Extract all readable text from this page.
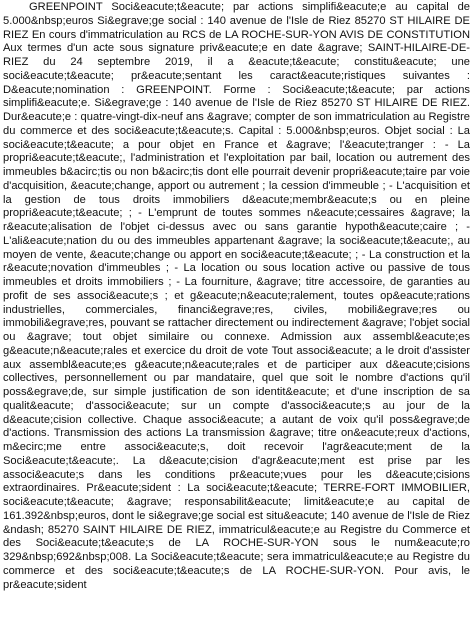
GREENPOINT Soci&eacute;t&eacute; par actions simplifi&eacute;e au capital de 5.000&nbsp;euros Si&egrave;ge social : 140 avenue de l'Isle de Riez 85270 ST HILAIRE DE RIEZ En cours d'immatriculation au RCS de LA ROCHE-SUR-YON AVIS DE CONSTITUTION Aux termes d'un acte sous signature priv&eacute;e en date &agrave; SAINT-HILAIRE-DE-RIEZ du 24 septembre 2019, il a &eacute;t&eacute; constitu&eacute; une soci&eacute;t&eacute; pr&eacute;sentant les caract&eacute;ristiques suivantes : D&eacute;nomination : GREENPOINT. Forme : Soci&eacute;t&eacute; par actions simplifi&eacute;e. Si&egrave;ge : 140 avenue de l'Isle de Riez 85270 ST HILAIRE DE RIEZ. Dur&eacute;e : quatre-vingt-dix-neuf ans &agrave; compter de son immatriculation au Registre du commerce et des soci&eacute;t&eacute;s. Capital : 5.000&nbsp;euros. Objet social : La soci&eacute;t&eacute; a pour objet en France et &agrave; l'&eacute;tranger : - La propri&eacute;t&eacute;, l'administration et l'exploitation par bail, location ou autrement des immeubles b&acirc;tis ou non b&acirc;tis dont elle pourrait devenir propri&eacute;taire par voie d'acquisition, &eacute;change, apport ou autrement ; la cession d'immeuble ; - L'acquisition et la gestion de tous droits immobiliers d&eacute;membr&eacute;s ou en pleine propri&eacute;t&eacute; ; - L'emprunt de toutes sommes n&eacute;cessaires &agrave; la r&eacute;alisation de l'objet ci-dessus avec ou sans garantie hypoth&eacute;caire ; - L'ali&eacute;nation du ou des immeubles appartenant &agrave; la soci&eacute;t&eacute;, au moyen de vente, &eacute;change ou apport en soci&eacute;t&eacute; ; - La construction et la r&eacute;novation d'immeubles ; - La location ou sous location active ou passive de tous immeubles et droits immobiliers ; - La fourniture, &agrave; titre accessoire, de garanties au profit de ses associ&eacute;s ; et g&eacute;n&eacute;ralement, toutes op&eacute;rations industrielles, commerciales, financi&egrave;res, civiles, mobili&egrave;res ou immobili&egrave;res, pouvant se rattacher directement ou indirectement &agrave; l'objet social ou &agrave; tout objet similaire ou connexe. Admission aux assembl&eacute;es g&eacute;n&eacute;rales et exercice du droit de vote Tout associ&eacute; a le droit d'assister aux assembl&eacute;es g&eacute;n&eacute;rales et de participer aux d&eacute;cisions collectives, personnellement ou par mandataire, quel que soit le nombre d'actions qu'il poss&egrave;de, sur simple justification de son identit&eacute; et d'une inscription de sa qualit&eacute; d'associ&eacute; sur un compte d'associ&eacute;s au jour de la d&eacute;cision collective. Chaque associ&eacute; a autant de voix qu'il poss&egrave;de d'actions. Transmission des actions La transmission &agrave; titre on&eacute;reux d'actions, m&ecirc;me entre associ&eacute;s, doit recevoir l'agr&eacute;ment de la Soci&eacute;t&eacute;. La d&eacute;cision d'agr&eacute;ment est prise par les associ&eacute;s dans les conditions pr&eacute;vues pour les d&eacute;cisions extraordinaires. Pr&eacute;sident : La soci&eacute;t&eacute; TERRE-FORT IMMOBILIER, soci&eacute;t&eacute; &agrave; responsabilit&eacute; limit&eacute;e au capital de 161.392&nbsp;euros, dont le si&egrave;ge social est situ&eacute; 140 avenue de l'Isle de Riez &ndash; 85270 SAINT HILAIRE DE RIEZ, immatricul&eacute;e au Registre du Commerce et des Soci&eacute;t&eacute;s de LA ROCHE-SUR-YON sous le num&eacute;ro 329&nbsp;692&nbsp;008. La Soci&eacute;t&eacute; sera immatricul&eacute;e au Registre du commerce et des soci&eacute;t&eacute;s de LA ROCHE-SUR-YON. Pour avis, le pr&eacute;sident
